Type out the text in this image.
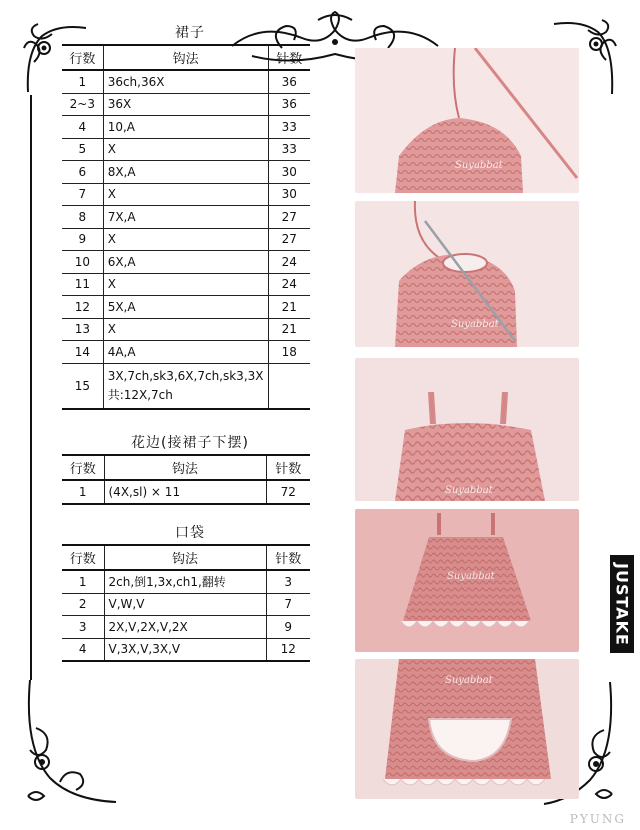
裙子
行数	钩法	针数
1	36ch,36X	36
2~3	36X	36
4	10,A	33
5	X	33
6	8X,A	30
7	X	30
8	7X,A	27
9	X	27
10	6X,A	24
11	X	24
12	5X,A	21
13	X	21
14	4A,A	18
15	3X,7ch,sk3,6X,7ch,sk3,3X 共:12X,7ch	
花边(接裙子下摆)
行数	钩法	针数
1	(4X,sl) × 11	72
口袋
行数	钩法	针数
1	2ch,倒1,3x,ch1,翻转	3
2	V,W,V	7
3	2X,V,2X,V,2X	9
4	V,3X,V,3X,V	12
Suyabbat
Suyabbat
Suyabbat
Suyabbat
Suyabbat
JUSTAKE
PYUNG
